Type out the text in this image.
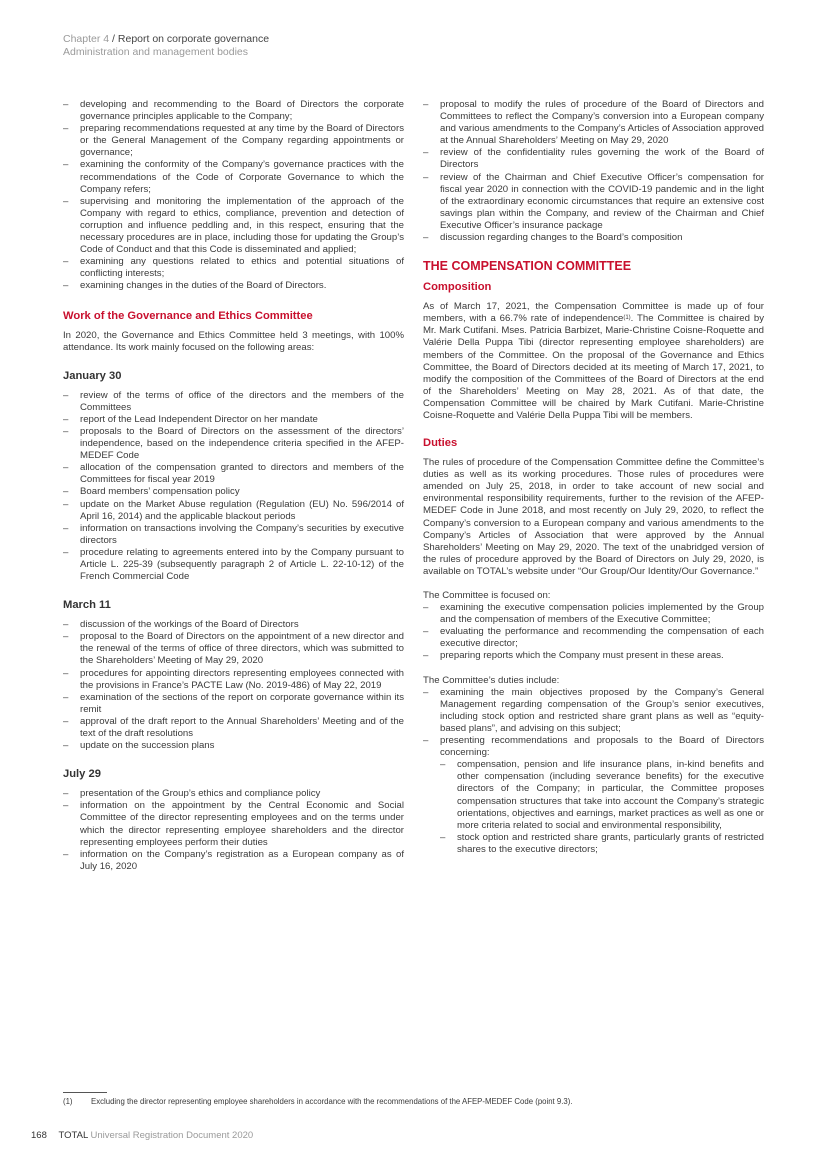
Chapter 4 / Report on corporate governance
Administration and management bodies
– developing and recommending to the Board of Directors the corporate governance principles applicable to the Company;
– preparing recommendations requested at any time by the Board of Directors or the General Management of the Company regarding appointments or governance;
– examining the conformity of the Company’s governance practices with the recommendations of the Code of Corporate Governance to which the Company refers;
– supervising and monitoring the implementation of the approach of the Company with regard to ethics, compliance, prevention and detection of corruption and influence peddling and, in this respect, ensuring that the necessary procedures are in place, including those for updating the Group’s Code of Conduct and that this Code is disseminated and applied;
– examining any questions related to ethics and potential situations of conflicting interests;
– examining changes in the duties of the Board of Directors.
Work of the Governance and Ethics Committee

In 2020, the Governance and Ethics Committee held 3 meetings, with 100% attendance. Its work mainly focused on the following areas:

January 30
– review of the terms of office of the directors and the members of the Committees
– report of the Lead Independent Director on her mandate
– proposals to the Board of Directors on the assessment of the directors’ independence, based on the independence criteria specified in the AFEP-MEDEF Code
– allocation of the compensation granted to directors and members of the Committees for fiscal year 2019
– Board members’ compensation policy
– update on the Market Abuse regulation (Regulation (EU) No. 596/2014 of April 16, 2014) and the applicable blackout periods
– information on transactions involving the Company’s securities by executive directors
– procedure relating to agreements entered into by the Company pursuant to Article L. 225-39 (subsequently paragraph 2 of Article L. 22-10-12) of the French Commercial Code
March 11
– discussion of the workings of the Board of Directors
– proposal to the Board of Directors on the appointment of a new director and the renewal of the terms of office of three directors, which was submitted to the Shareholders’ Meeting of May 29, 2020
– procedures for appointing directors representing employees connected with the provisions in France’s PACTE Law (No. 2019-486) of May 22, 2019
– examination of the sections of the report on corporate governance within its remit
– approval of the draft report to the Annual Shareholders’ Meeting and of the text of the draft resolutions
– update on the succession plans
July 29
– presentation of the Group’s ethics and compliance policy
– information on the appointment by the Central Economic and Social Committee of the director representing employees and on the terms under which the director representing employee shareholders and the director representing employees perform their duties
– information on the Company’s registration as a European company as of July 16, 2020
– proposal to modify the rules of procedure of the Board of Directors and Committees to reflect the Company’s conversion into a European company and various amendments to the Company’s Articles of Association approved at the Annual Shareholders’ Meeting on May 29, 2020
– review of the confidentiality rules governing the work of the Board of Directors
– review of the Chairman and Chief Executive Officer’s compensation for fiscal year 2020 in connection with the COVID-19 pandemic and in the light of the extraordinary economic circumstances that require an extensive cost savings plan within the Company, and review of the Chairman and Chief Executive Officer’s insurance package
– discussion regarding changes to the Board’s composition
THE COMPENSATION COMMITTEE
Composition

As of March 17, 2021, the Compensation Committee is made up of four members, with a 66.7% rate of independence$^{(1)}$. The Committee is chaired by Mr. Mark Cutifani. Mses. Patricia Barbizet, Marie-Christine Coisne-Roquette and Valérie Della Puppa Tibi (director representing employee shareholders) are members of the Committee. On the proposal of the Governance and Ethics Committee, the Board of Directors decided at its meeting of March 17, 2021, to modify the composition of the Committees of the Board of Directors at the end of the Shareholders’ Meeting on May 28, 2021. As of that date, the Compensation Committee will be chaired by Mark Cutifani. Marie-Christine Coisne-Roquette and Valérie Della Puppa Tibi will be members.

Duties

The rules of procedure of the Compensation Committee define the Committee’s duties as well as its working procedures. Those rules of procedures were amended on July 25, 2018, in order to take account of new social and environmental responsibility requirements, further to the revision of the AFEP-MEDEF Code in June 2018, and most recently on July 29, 2020, to reflect the Company’s conversion to a European company and various amendments to the Company’s Articles of Association that were approved by the Annual Shareholders’ Meeting on May 29, 2020. The text of the unabridged version of the rules of procedure approved by the Board of Directors on July 29, 2020, is available on TOTAL’s website under “Our Group/Our Identity/Our Governance.”

The Committee is focused on:

– examining the executive compensation policies implemented by the Group and the compensation of members of the Executive Committee;
– evaluating the performance and recommending the compensation of each executive director;
– preparing reports which the Company must present in these areas.

The Committee’s duties include:

– examining the main objectives proposed by the Company’s General Management regarding compensation of the Group’s senior executives, including stock option and restricted share grant plans as well as “equity-based plans”, and advising on this subject;
– presenting recommendations and proposals to the Board of Directors concerning:
– compensation, pension and life insurance plans, in-kind benefits and other compensation (including severance benefits) for the executive directors of the Company; in particular, the Committee proposes compensation structures that take into account the Company’s strategic orientations, objectives and earnings, market practices as well as one or more criteria related to social and environmental responsibility,
– stock option and restricted share grants, particularly grants of restricted shares to the executive directors;
(1) Excluding the director representing employee shareholders in accordance with the recommendations of the AFEP-MEDEF Code (point 9.3).
168 TOTAL Universal Registration Document 2020
